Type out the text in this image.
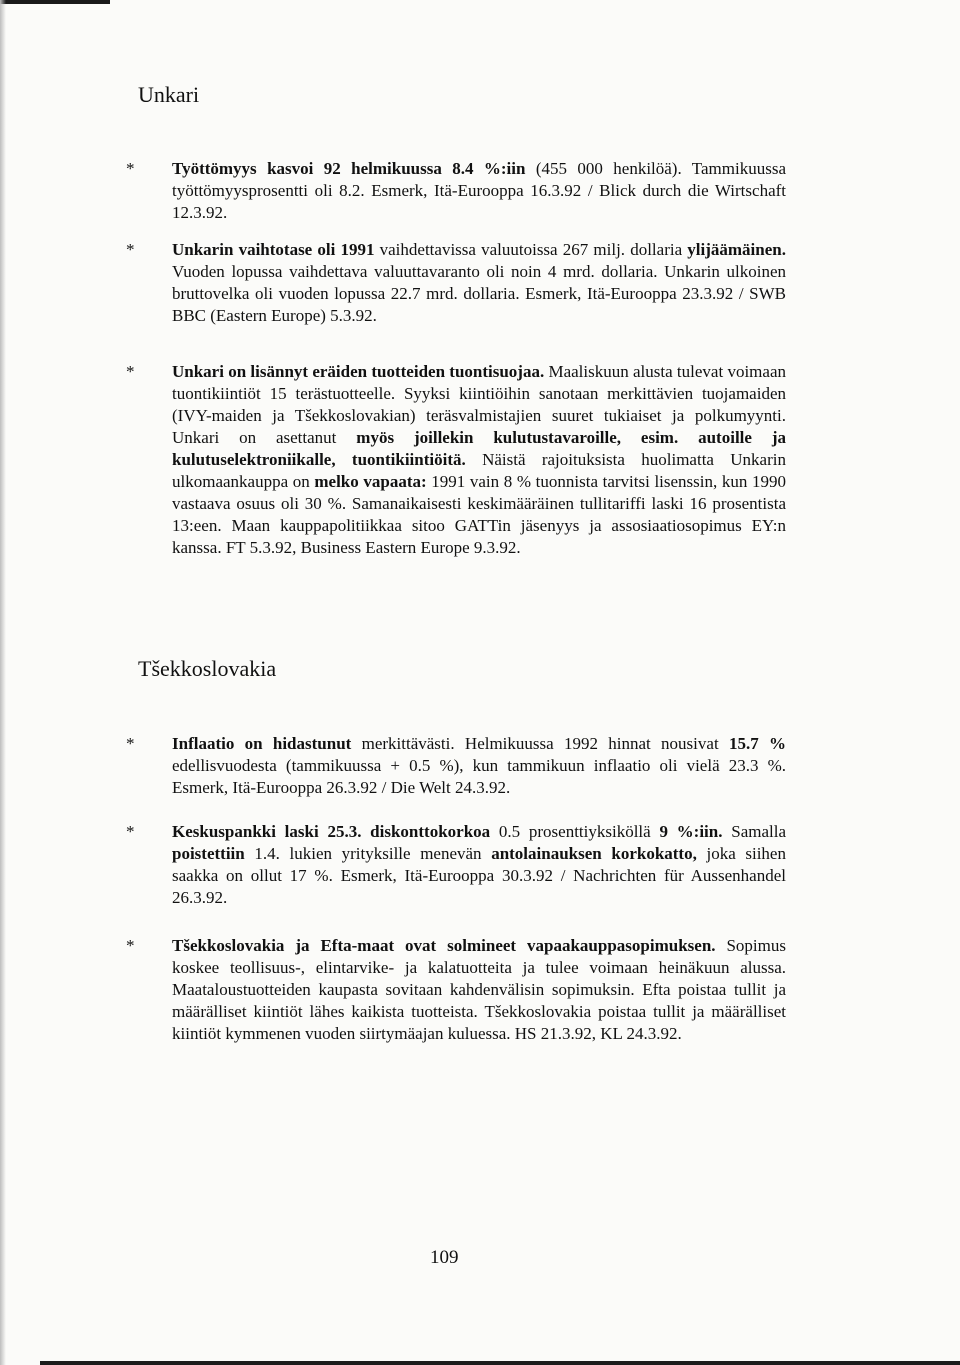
Unkari
*	Työttömyys kasvoi 92 helmikuussa 8.4 %:iin (455 000 henkilöä). Tammikuussa työttömyysprosentti oli 8.2. Esmerk, Itä-Eurooppa 16.3.92 / Blick durch die Wirtschaft 12.3.92.
*	Unkarin vaihtotase oli 1991 vaihdettavissa valuutoissa 267 milj. dollaria ylijäämäinen. Vuoden lopussa vaihdettava valuuttavaranto oli noin 4 mrd. dollaria. Unkarin ulkoinen bruttovelka oli vuoden lopussa 22.7 mrd. dollaria. Esmerk, Itä-Eurooppa 23.3.92 / SWB BBC (Eastern Europe) 5.3.92.
*	Unkari on lisännyt eräiden tuotteiden tuontisuojaa. Maaliskuun alusta tulevat voimaan tuontikiintiöt 15 terästuotteelle. Syyksi kiintiöihin sanotaan merkittävien tuojamaiden (IVY-maiden ja Tšekkoslovakian) teräsvalmistajien suuret tukiaiset ja polkumyynti. Unkari on asettanut myös joillekin kulutustavaroille, esim. autoille ja kulutuselektroniikalle, tuontikiintiöitä. Näistä rajoituksista huolimatta Unkarin ulkomaankauppa on melko vapaata: 1991 vain 8 % tuonnista tarvitsi lisenssin, kun 1990 vastaava osuus oli 30 %. Samanaikaisesti keskimääräinen tullitariffi laski 16 prosentista 13:een. Maan kauppapolitiikkaa sitoo GATTin jäsenyys ja assosiaatiosopimus EY:n kanssa. FT 5.3.92, Business Eastern Europe 9.3.92.
Tšekkoslovakia
*	Inflaatio on hidastunut merkittävästi. Helmikuussa 1992 hinnat nousivat 15.7 % edellisvuodesta (tammikuussa + 0.5 %), kun tammikuun inflaatio oli vielä 23.3 %. Esmerk, Itä-Eurooppa 26.3.92 / Die Welt 24.3.92.
*	Keskuspankki laski 25.3. diskonttokorkoa 0.5 prosenttiyksiköllä 9 %:iin. Samalla poistettiin 1.4. lukien yrityksille menevän antolainauksen korkokatto, joka siihen saakka on ollut 17 %. Esmerk, Itä-Eurooppa 30.3.92 / Nachrichten für Aussenhandel 26.3.92.
*	Tšekkoslovakia ja Efta-maat ovat solmineet vapaakauppasopimuksen. Sopimus koskee teollisuus-, elintarvike- ja kalatuotteita ja tulee voimaan heinäkuun alussa. Maataloustuotteiden kaupasta sovitaan kahdenvälisin sopimuksin. Efta poistaa tullit ja määrälliset kiintiöt lähes kaikista tuotteista. Tšekkoslovakia poistaa tullit ja määrälliset kiintiöt kymmenen vuoden siirtymäajan kuluessa. HS 21.3.92, KL 24.3.92.
109
